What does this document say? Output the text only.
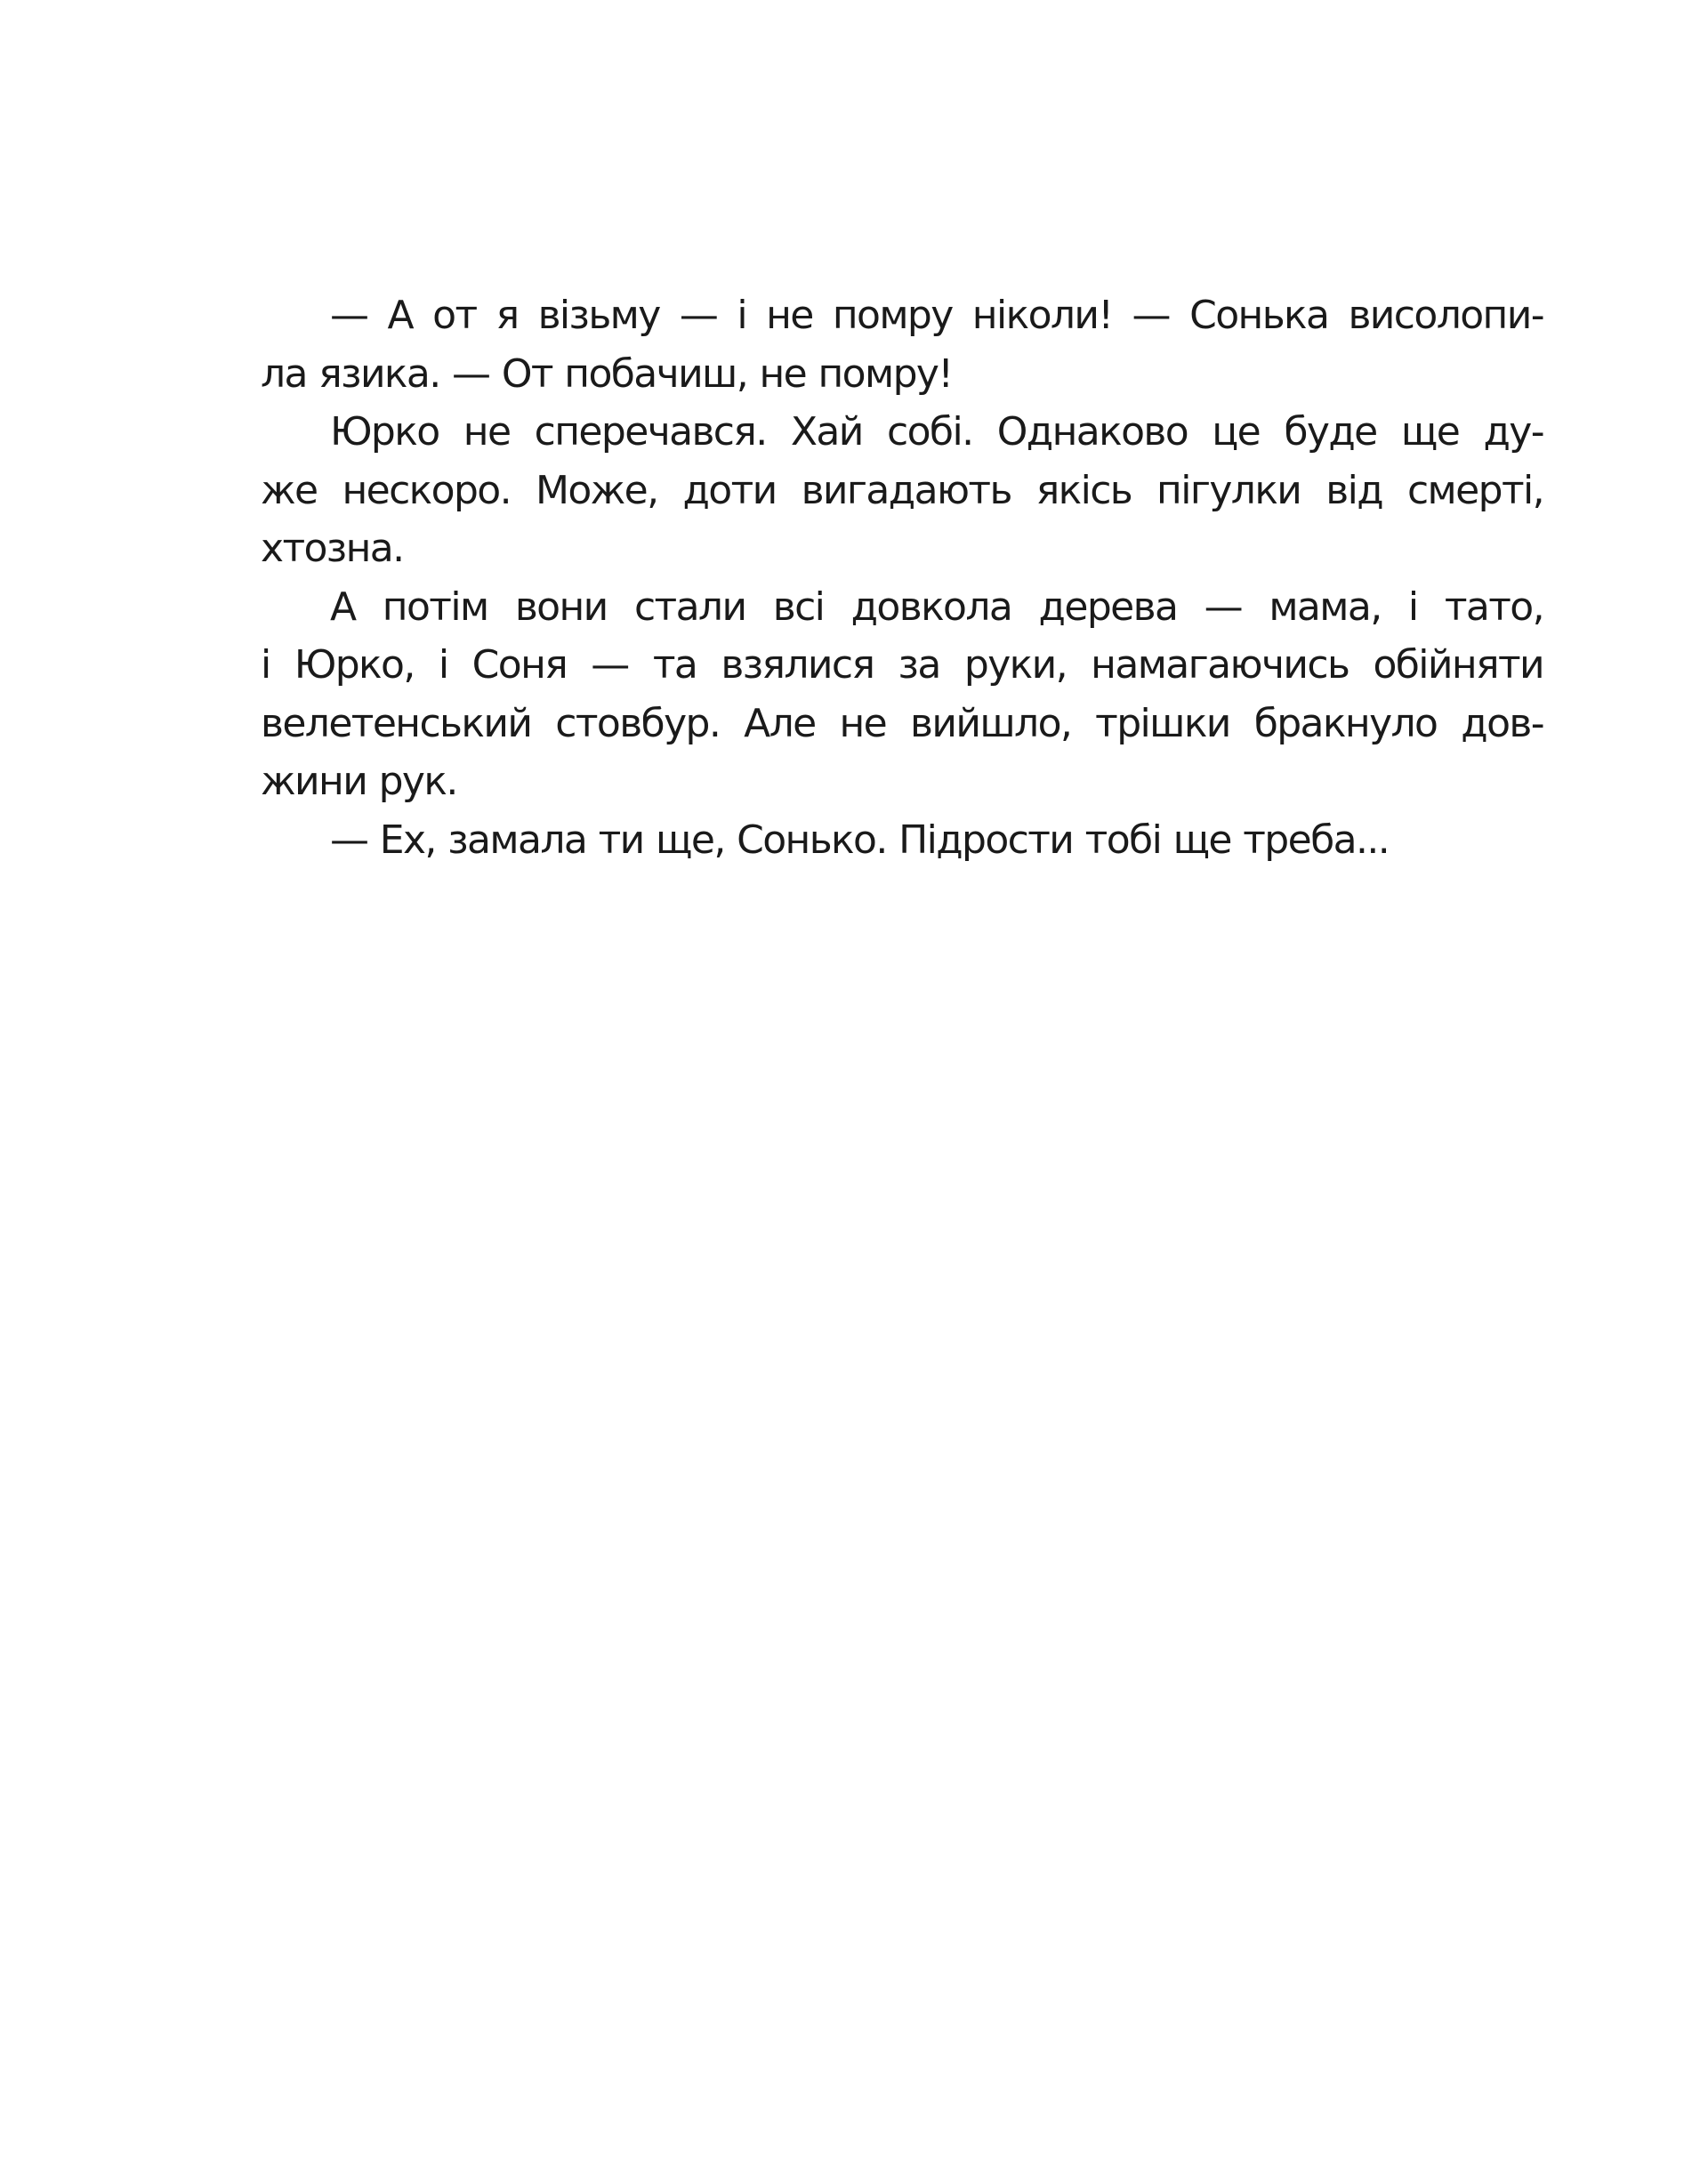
— А от я візьму — і не помру ніколи! — Сонька висолопи-
ла язика. — От побачиш, не помру!
Юрко не сперечався. Хай собі. Однаково це буде ще ду-
же нескоро. Може, доти вигадають якісь пігулки від смерті,
хтозна.
А потім вони стали всі довкола дерева — мама, і тато,
і Юрко, і Соня — та взялися за руки, намагаючись обійняти
велетенський стовбур. Але не вийшло, трішки бракнуло дов-
жини рук.
— Ех, замала ти ще, Сонько. Підрости тобі ще треба...
